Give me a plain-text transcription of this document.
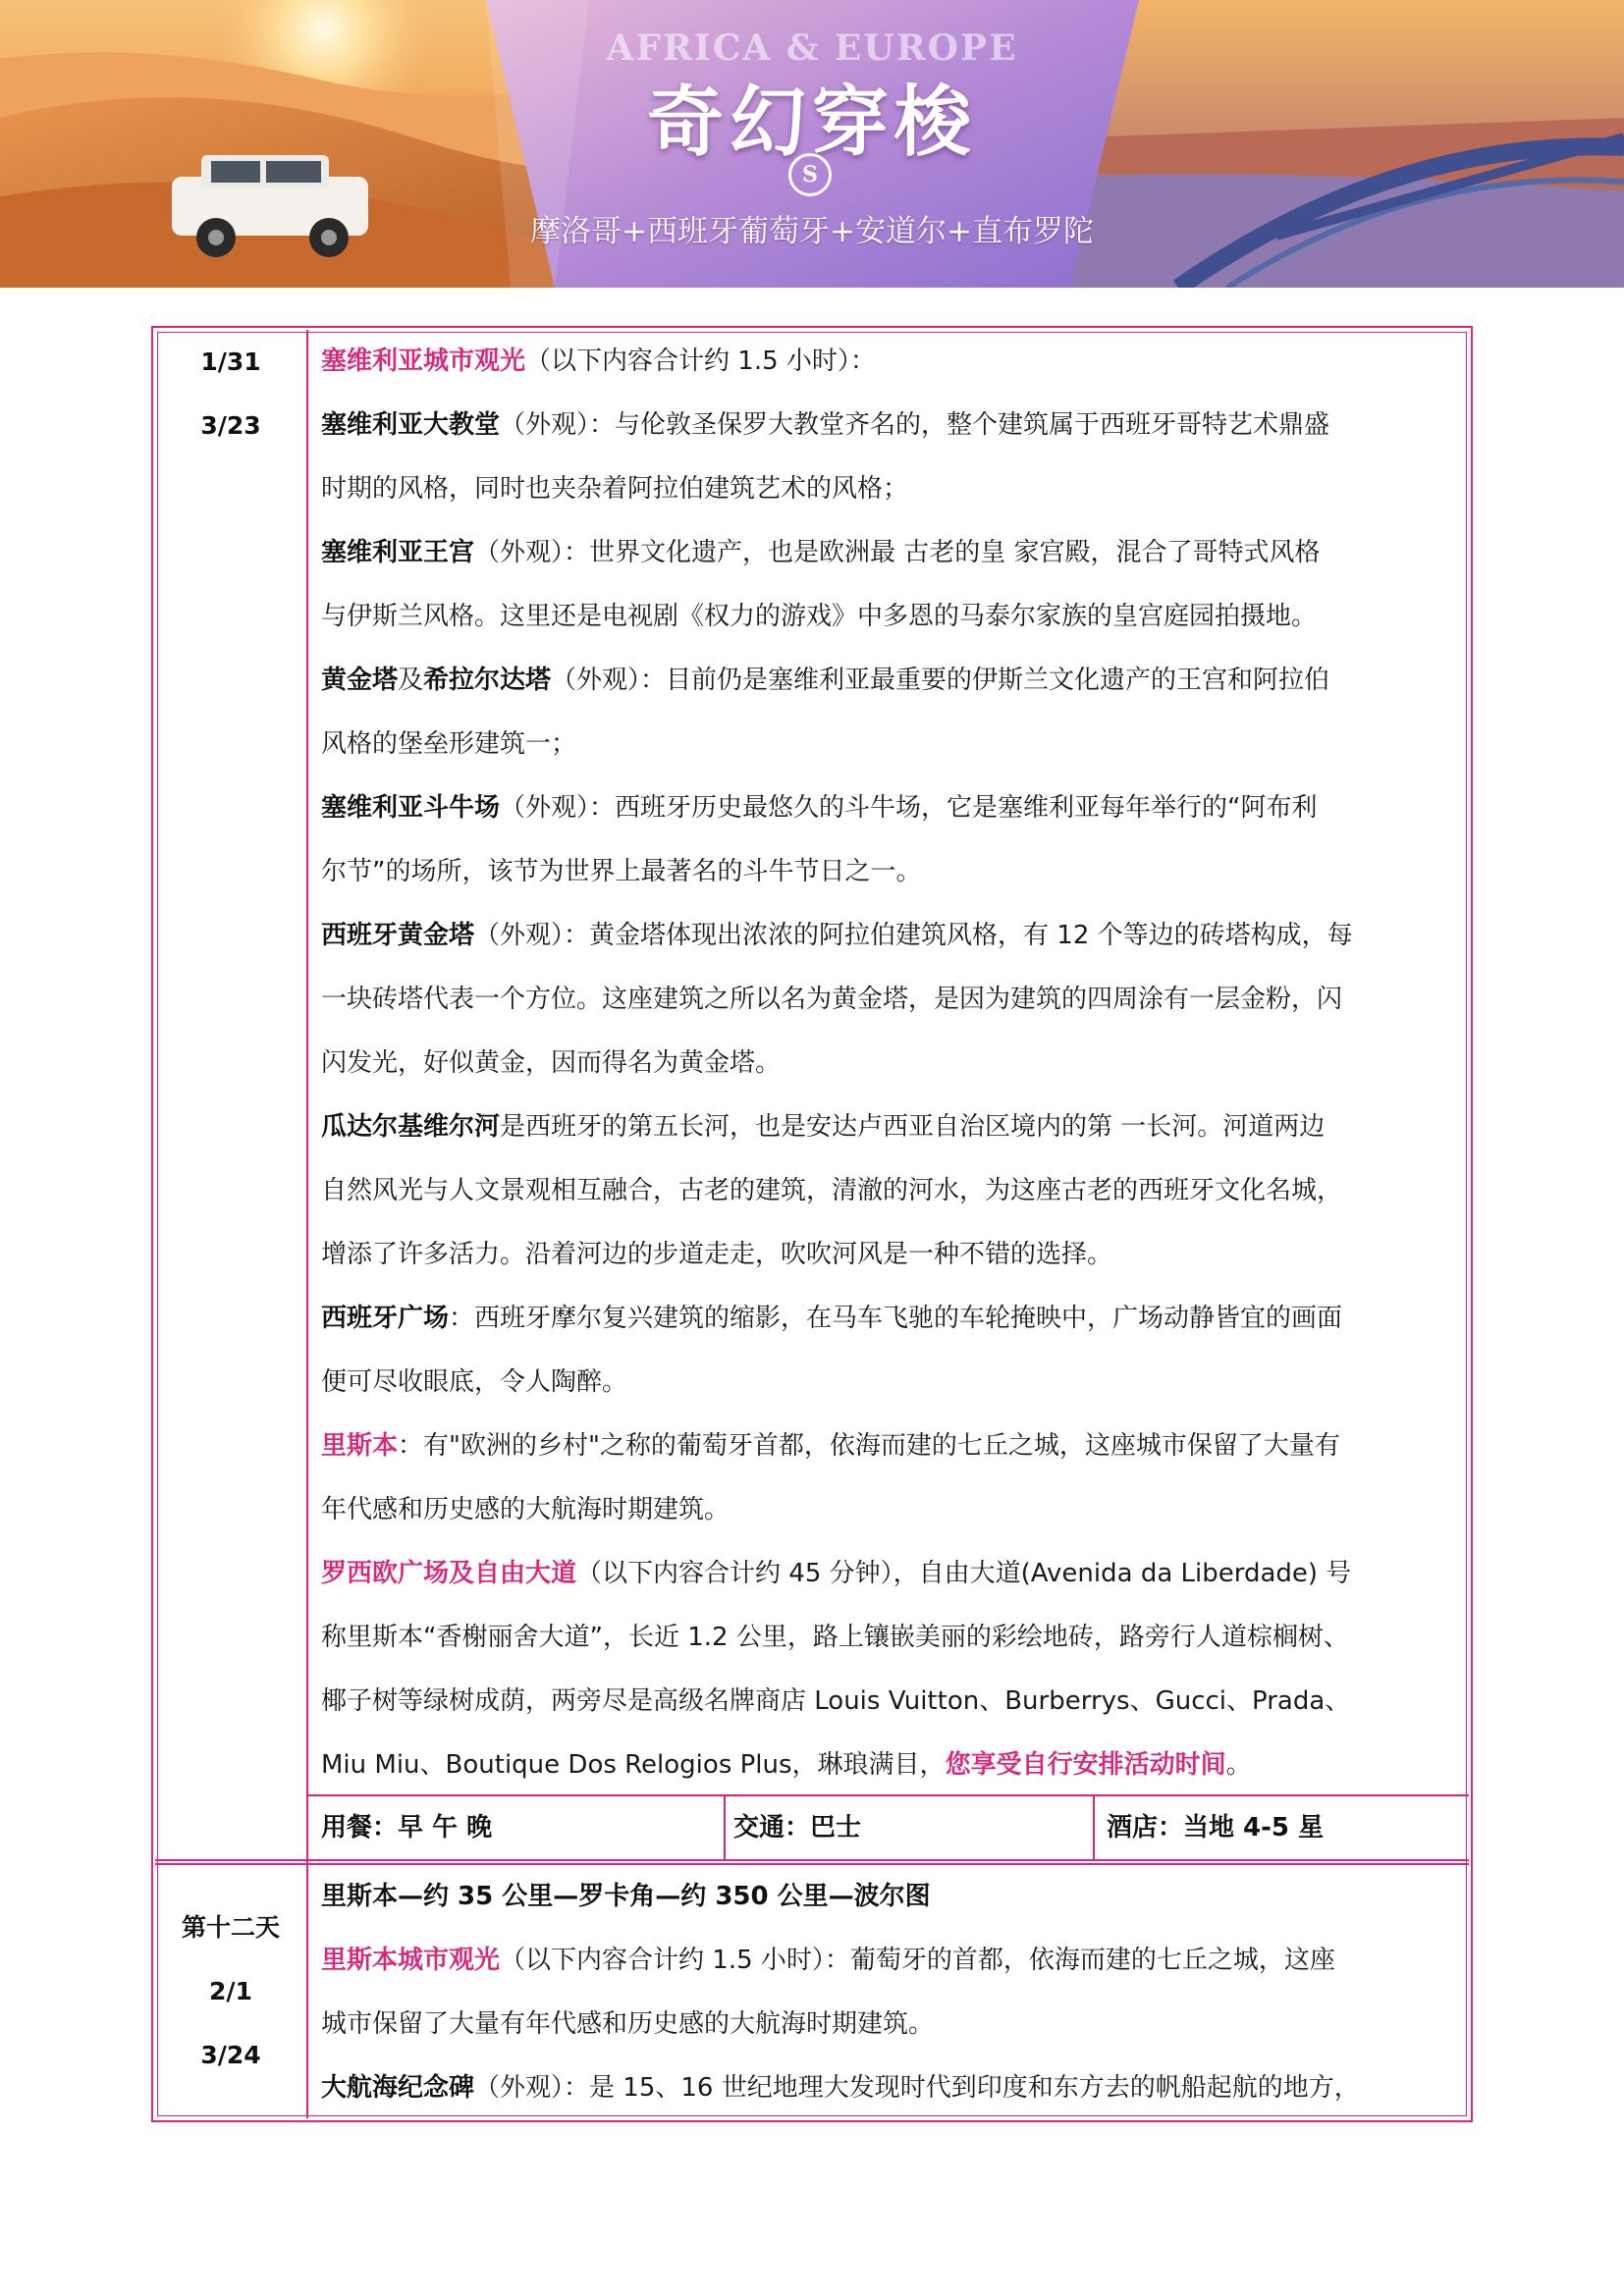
AFRICA & EUROPE
奇幻穿梭
S
摩洛哥+西班牙葡萄牙+安道尔+直布罗陀
1/31
3/23

塞维利亚城市观光（以下内容合计约 1.5 小时）：

塞维利亚大教堂（外观）：与伦敦圣保罗大教堂齐名的，整个建筑属于西班牙哥特艺术鼎盛

时期的风格，同时也夹杂着阿拉伯建筑艺术的风格；

塞维利亚王宫（外观）：世界文化遗产，也是欧洲最 古老的皇 家宫殿，混合了哥特式风格

与伊斯兰风格。这里还是电视剧《权力的游戏》中多恩的马泰尔家族的皇宫庭园拍摄地。

黄金塔及希拉尔达塔（外观）：目前仍是塞维利亚最重要的伊斯兰文化遗产的王宫和阿拉伯

风格的堡垒形建筑一；

塞维利亚斗牛场（外观）：西班牙历史最悠久的斗牛场，它是塞维利亚每年举行的“阿布利

尔节”的场所，该节为世界上最著名的斗牛节日之一。

西班牙黄金塔（外观）：黄金塔体现出浓浓的阿拉伯建筑风格，有 12 个等边的砖塔构成，每

一块砖塔代表一个方位。这座建筑之所以名为黄金塔，是因为建筑的四周涂有一层金粉，闪

闪发光，好似黄金，因而得名为黄金塔。

瓜达尔基维尔河是西班牙的第五长河，也是安达卢西亚自治区境内的第 一长河。河道两边

自然风光与人文景观相互融合，古老的建筑，清澈的河水，为这座古老的西班牙文化名城，

增添了许多活力。沿着河边的步道走走，吹吹河风是一种不错的选择。

西班牙广场：西班牙摩尔复兴建筑的缩影，在马车飞驰的车轮掩映中，广场动静皆宜的画面

便可尽收眼底，令人陶醉。

里斯本：有"欧洲的乡村"之称的葡萄牙首都，依海而建的七丘之城，这座城市保留了大量有

年代感和历史感的大航海时期建筑。

罗西欧广场及自由大道（以下内容合计约 45 分钟），自由大道(Avenida da Liberdade) 号

称里斯本“香榭丽舍大道”，长近 1.2 公里，路上镶嵌美丽的彩绘地砖，路旁行人道棕榈树、

椰子树等绿树成荫，两旁尽是高级名牌商店 Louis Vuitton、Burberrys、Gucci、Prada、

Miu Miu、Boutique Dos Relogios Plus，琳琅满目，您享受自行安排活动时间。

用餐：早 午 晚	交通：巴士	酒店：当地 4-5 星
第十二天
2/1
3/24

里斯本—约 35 公里—罗卡角—约 350 公里—波尔图

里斯本城市观光（以下内容合计约 1.5 小时）：葡萄牙的首都，依海而建的七丘之城，这座

城市保留了大量有年代感和历史感的大航海时期建筑。

大航海纪念碑（外观）：是 15、16 世纪地理大发现时代到印度和东方去的帆船起航的地方，
